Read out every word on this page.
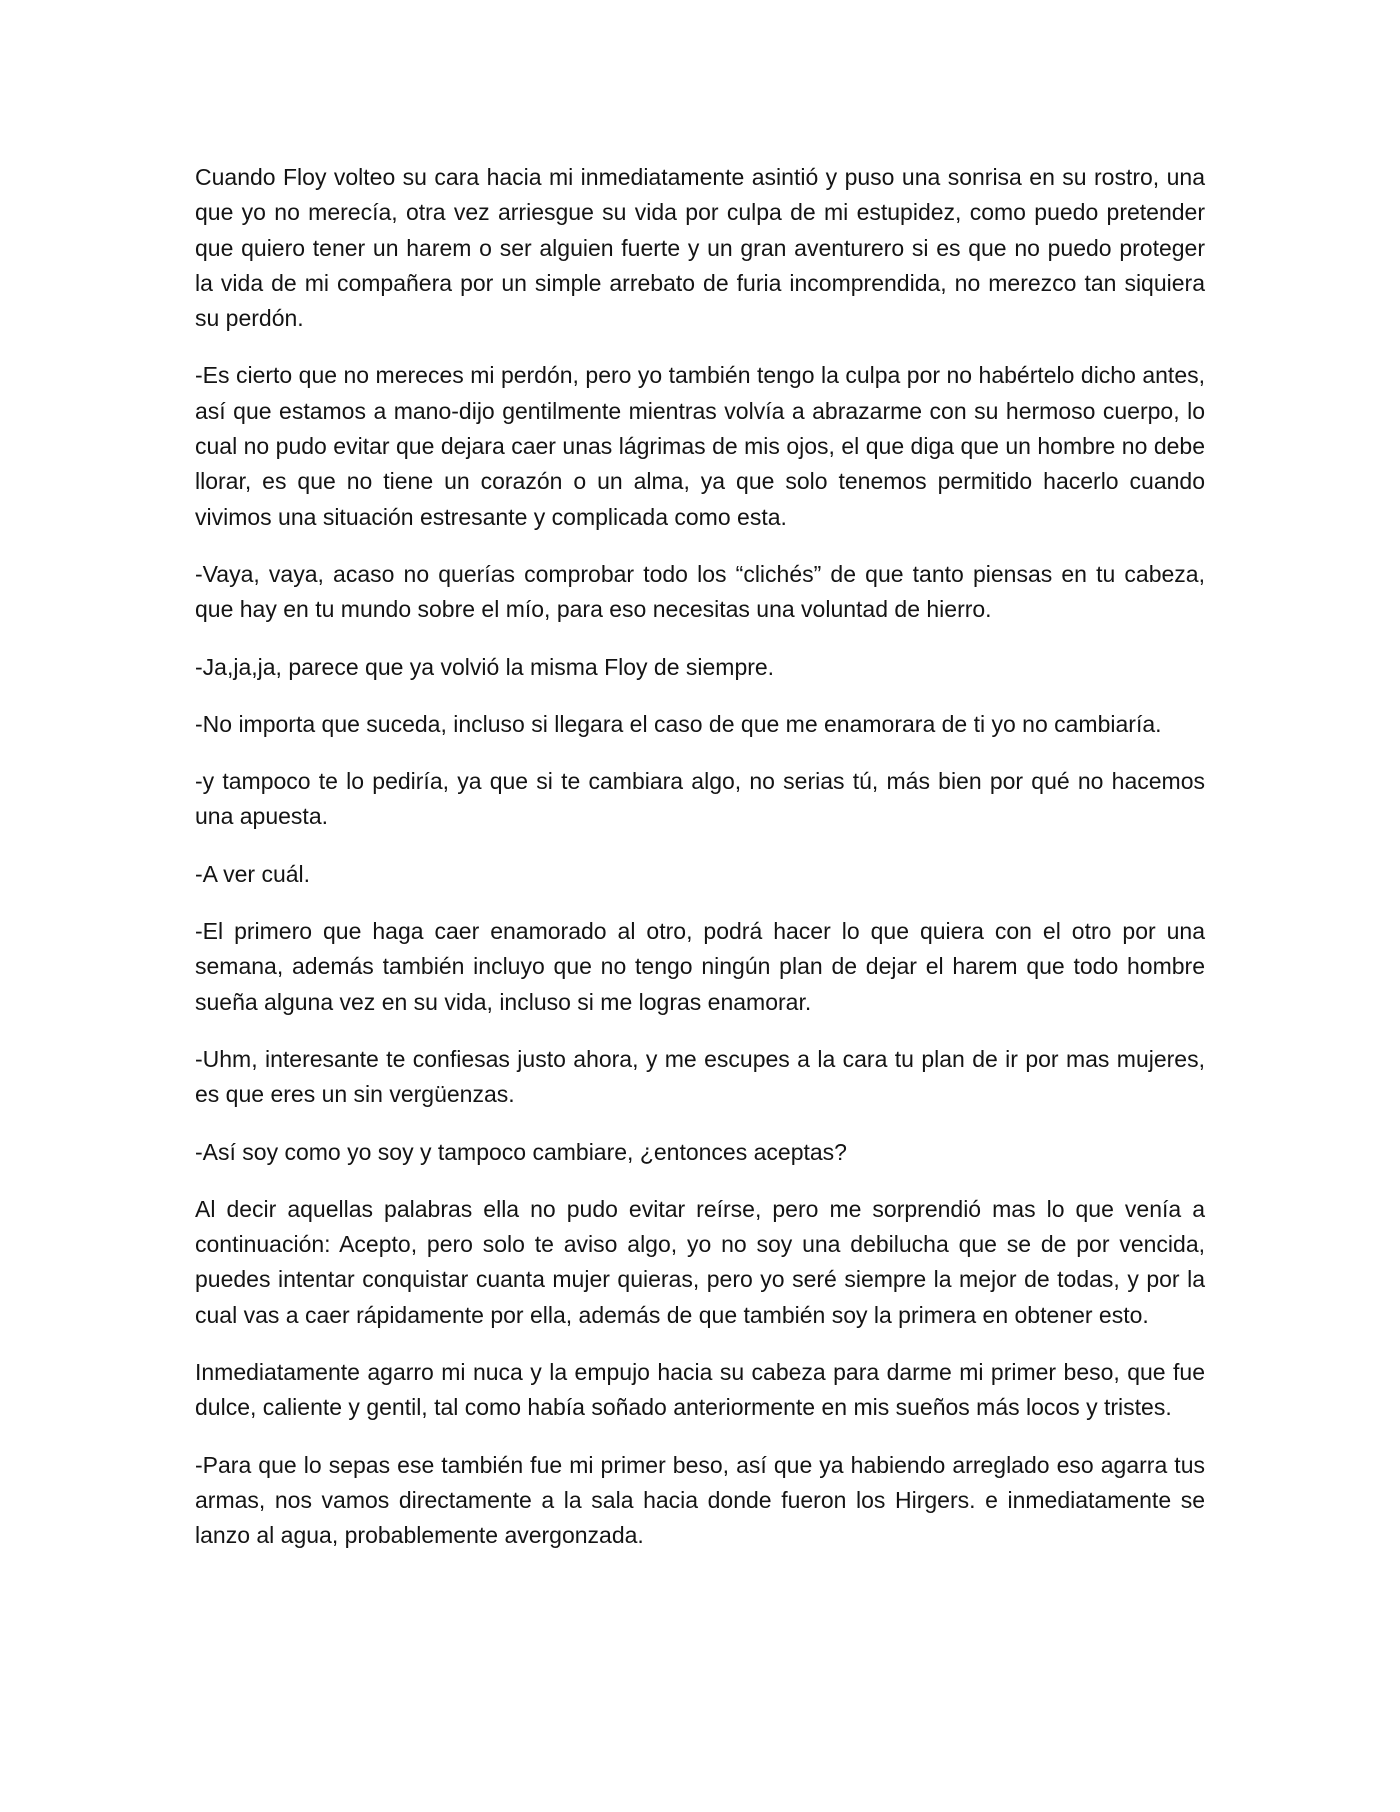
Cuando Floy volteo su cara hacia mi inmediatamente asintió y puso una sonrisa en su rostro, una que yo no merecía, otra vez arriesgue su vida por culpa de mi estupidez, como puedo pretender que quiero tener un harem o ser alguien fuerte y un gran aventurero si es que no puedo proteger la vida de mi compañera por un simple arrebato de furia incomprendida, no merezco tan siquiera su perdón.

-Es cierto que no mereces mi perdón, pero yo también tengo la culpa por no habértelo dicho antes, así que estamos a mano-dijo gentilmente mientras volvía a abrazarme con su hermoso cuerpo, lo cual no pudo evitar que dejara caer unas lágrimas de mis ojos, el que diga que un hombre no debe llorar, es que no tiene un corazón o un alma, ya que solo tenemos permitido hacerlo cuando vivimos una situación estresante y complicada como esta.

-Vaya, vaya, acaso no querías comprobar todo los “clichés” de que tanto piensas en tu cabeza, que hay en tu mundo sobre el mío, para eso necesitas una voluntad de hierro.

-Ja,ja,ja, parece que ya volvió la misma Floy de siempre.

-No importa que suceda, incluso si llegara el caso de que me enamorara de ti yo no cambiaría.

-y tampoco te lo pediría, ya que si te cambiara algo, no serias tú, más bien por qué no hacemos una apuesta.

-A ver cuál.

-El primero que haga caer enamorado al otro, podrá hacer lo que quiera con el otro por una semana, además también incluyo que no tengo ningún plan de dejar el harem que todo hombre sueña alguna vez en su vida, incluso si me logras enamorar.

-Uhm, interesante te confiesas justo ahora, y me escupes a la cara tu plan de ir por mas mujeres, es que eres un sin vergüenzas.

-Así soy como yo soy y tampoco cambiare, ¿entonces aceptas?

Al decir aquellas palabras ella no pudo evitar reírse, pero me sorprendió mas lo que venía a continuación: Acepto, pero solo te aviso algo, yo no soy una debilucha que se de por vencida, puedes intentar conquistar cuanta mujer quieras, pero yo seré siempre la mejor de todas, y por la cual vas a caer rápidamente por ella, además de que también soy la primera en obtener esto.

Inmediatamente agarro mi nuca y la empujo hacia su cabeza para darme mi primer beso, que fue dulce, caliente y gentil, tal como había soñado anteriormente en mis sueños más locos y tristes.

-Para que lo sepas ese también fue mi primer beso, así que ya habiendo arreglado eso agarra tus armas, nos vamos directamente a la sala hacia donde fueron los Hirgers. e inmediatamente se lanzo al agua, probablemente avergonzada.
